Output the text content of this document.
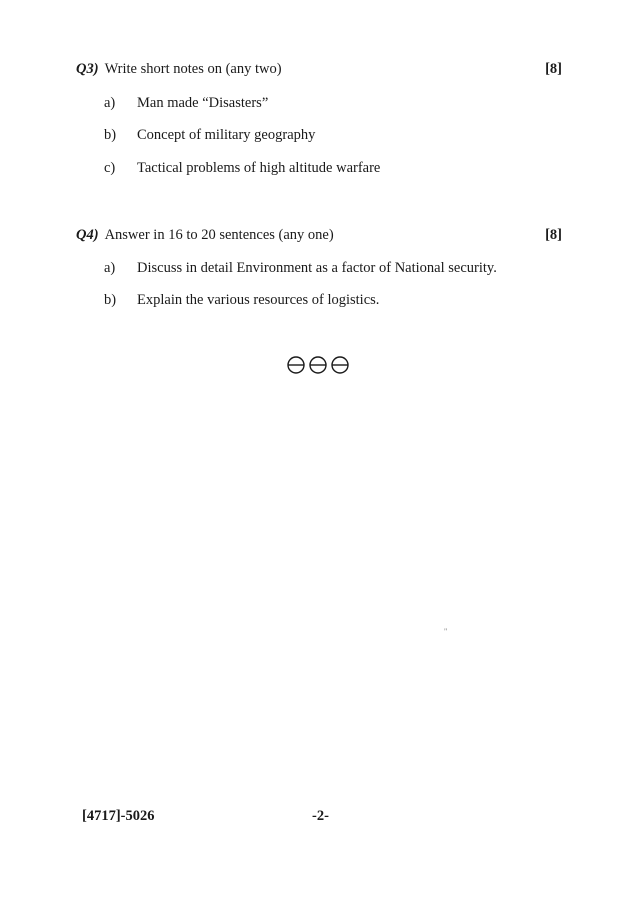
Q3) Write short notes on (any two)	[8]
a) Man made “Disasters”
b) Concept of military geography
c) Tactical problems of high altitude warfare
Q4) Answer in 16 to 20 sentences (any one)	[8]
a) Discuss in detail Environment as a factor of National security.
b) Explain the various resources of logistics.
"
[4717]-5026	-2-
